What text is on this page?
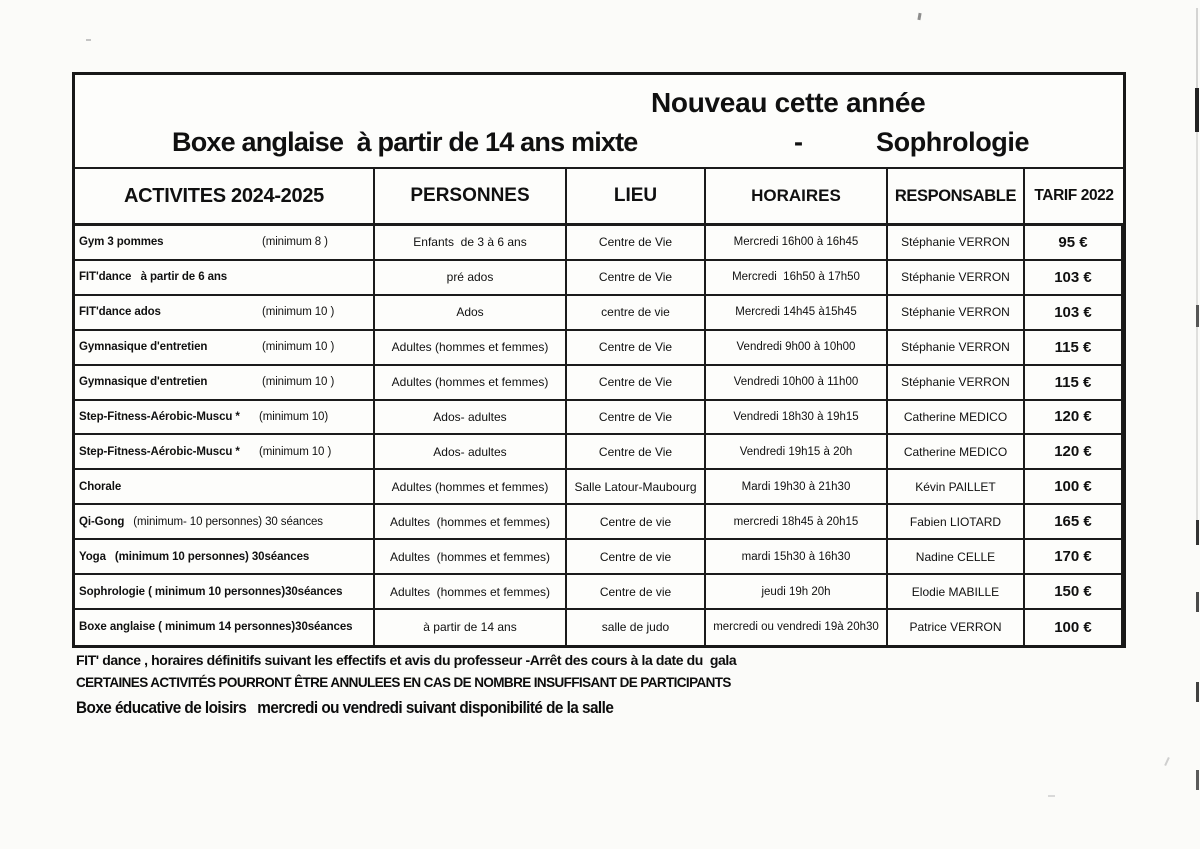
Nouveau cette année
Boxe anglaise  à partir de 14 ans mixte	-	Sophrologie
ACTIVITES 2024-2025	PERSONNES	LIEU	HORAIRES	RESPONSABLE	TARIF 2022
Gym 3 pommes	(minimum 8 )	Enfants  de 3 à 6 ans	Centre de Vie	Mercredi 16h00 à 16h45	Stéphanie VERRON	95 €
FIT'dance   à partir de 6 ans	pré ados	Centre de Vie	Mercredi  16h50 à 17h50	Stéphanie VERRON	103 €
FIT'dance ados	(minimum 10 )	Ados	centre de vie	Mercredi 14h45 à15h45	Stéphanie VERRON	103 €
Gymnasique d'entretien	(minimum 10 )	Adultes (hommes et femmes)	Centre de Vie	Vendredi 9h00 à 10h00	Stéphanie VERRON	115 €
Gymnasique d'entretien	(minimum 10 )	Adultes (hommes et femmes)	Centre de Vie	Vendredi 10h00 à 11h00	Stéphanie VERRON	115 €
Step-Fitness-Aérobic-Muscu * (minimum 10)	Ados- adultes	Centre de Vie	Vendredi 18h30 à 19h15	Catherine MEDICO	120 €
Step-Fitness-Aérobic-Muscu * (minimum 10 )	Ados- adultes	Centre de Vie	Vendredi 19h15 à 20h	Catherine MEDICO	120 €
Chorale	Adultes (hommes et femmes)	Salle Latour-Maubourg	Mardi 19h30 à 21h30	Kévin PAILLET	100 €
Qi-Gong (minimum- 10 personnes) 30 séances	Adultes  (hommes et femmes)	Centre de vie	mercredi 18h45 à 20h15	Fabien LIOTARD	165 €
Yoga (minimum 10 personnes) 30séances	Adultes  (hommes et femmes)	Centre de vie	mardi 15h30 à 16h30	Nadine CELLE	170 €
Sophrologie ( minimum 10 personnes)30séances	Adultes  (hommes et femmes)	Centre de vie	jeudi 19h 20h	Elodie MABILLE	150 €
Boxe anglaise ( minimum 14 personnes)30séances	à partir de 14 ans	salle de judo	mercredi ou vendredi 19à 20h30	Patrice VERRON	100 €
FIT' dance , horaires définitifs suivant les effectifs et avis du professeur -Arrêt des cours à la date du  gala
CERTAINES ACTIVITÉS POURRONT ÊTRE ANNULEES EN CAS DE NOMBRE INSUFFISANT DE PARTICIPANTS
Boxe éducative de loisirs   mercredi ou vendredi suivant disponibilité de la salle
